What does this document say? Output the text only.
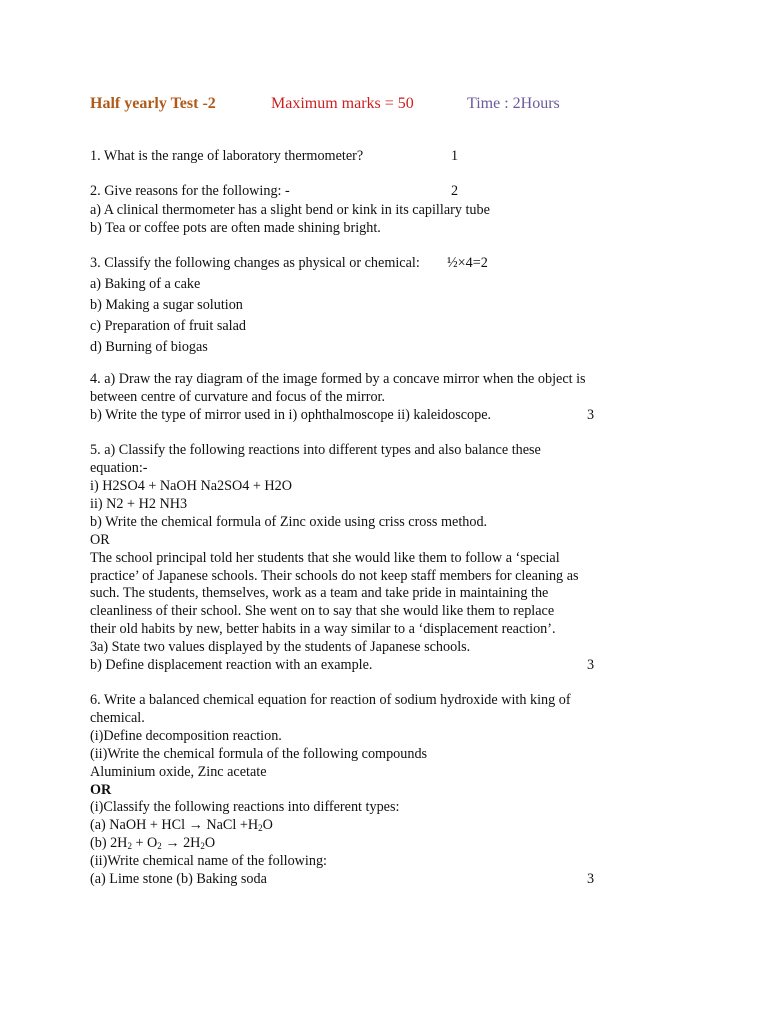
Half yearly Test -2	Maximum marks = 50	Time : 2Hours
1. What is the range of laboratory thermometer?	1
2. Give reasons for the following: -	2
a) A clinical thermometer has a slight bend or kink in its capillary tube
b) Tea or coffee pots are often made shining bright.
3. Classify the following changes as physical or chemical: ½×4=2
a) Baking of a cake
b) Making a sugar solution
c) Preparation of fruit salad
d) Burning of biogas
4. a) Draw the ray diagram of the image formed by a concave mirror when the object is
between centre of curvature and focus of the mirror.
b) Write the type of mirror used in i) ophthalmoscope ii) kaleidoscope.	3
5. a) Classify the following reactions into different types and also balance these
equation:-
i) H2SO4 + NaOH Na2SO4 + H2O
ii) N2 + H2 NH3
b) Write the chemical formula of Zinc oxide using criss cross method.
OR
The school principal told her students that she would like them to follow a ‘special
practice’ of Japanese schools. Their schools do not keep staff members for cleaning as
such. The students, themselves, work as a team and take pride in maintaining the
cleanliness of their school. She went on to say that she would like them to replace
their old habits by new, better habits in a way similar to a ‘displacement reaction’.
3a) State two values displayed by the students of Japanese schools.
b) Define displacement reaction with an example.	3
6. Write a balanced chemical equation for reaction of sodium hydroxide with king of
chemical.
(i)Define decomposition reaction.
(ii)Write the chemical formula of the following compounds
Aluminium oxide, Zinc acetate
OR
(i)Classify the following reactions into different types:
(a) NaOH + HCl → NaCl $+H_2O$
(b) $2H_2 + O_2 \to 2H_2O$
(ii)Write chemical name of the following:
(a) Lime stone (b) Baking soda	3
